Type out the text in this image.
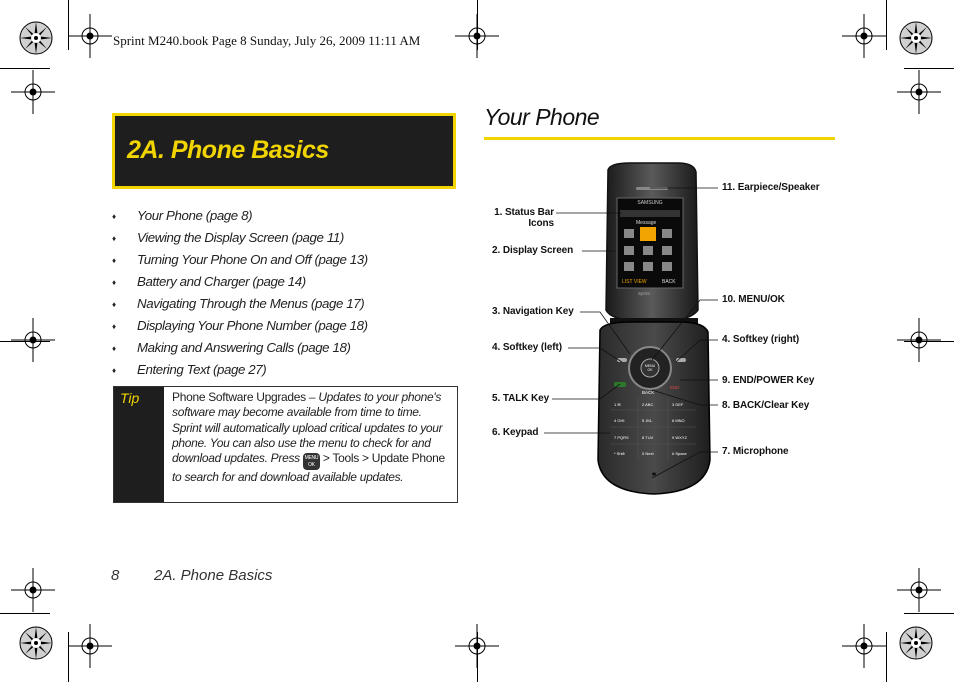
Sprint M240.book Page 8 Sunday, July 26, 2009 11:11 AM
2A. Phone Basics
♦ Your Phone (page 8)
♦ Viewing the Display Screen (page 11)
♦ Turning Your Phone On and Off (page 13)
♦ Battery and Charger (page 14)
♦ Navigating Through the Menus (page 17)
♦ Displaying Your Phone Number (page 18)
♦ Making and Answering Calls (page 18)
♦ Entering Text (page 27)
Tip	Phone Software Upgrades – Updates to your phone's software may become available from time to time. Sprint will automatically upload critical updates to your phone. You can also use the menu to check for and download updates. Press MENU
OK > Tools > Update Phone to search for and download available updates.
Your Phone
SAMSUNG
Message
LIST VIEW	BACK
Sprint
MENU
OK
BACK
END
1 ✉	2 ABC	3 DEF
4 GHI	5 JKL	6 MNO
7 PQRS	8 TUV	9 WXYZ
* Shift	0 Next	# Space
1. Status Bar
Icons
2. Display Screen
3. Navigation Key
4. Softkey (left)
5. TALK Key
6. Keypad
11. Earpiece/Speaker
10. MENU/OK
4. Softkey (right)
9. END/POWER Key
8. BACK/Clear Key
7. Microphone
8 2A. Phone Basics
